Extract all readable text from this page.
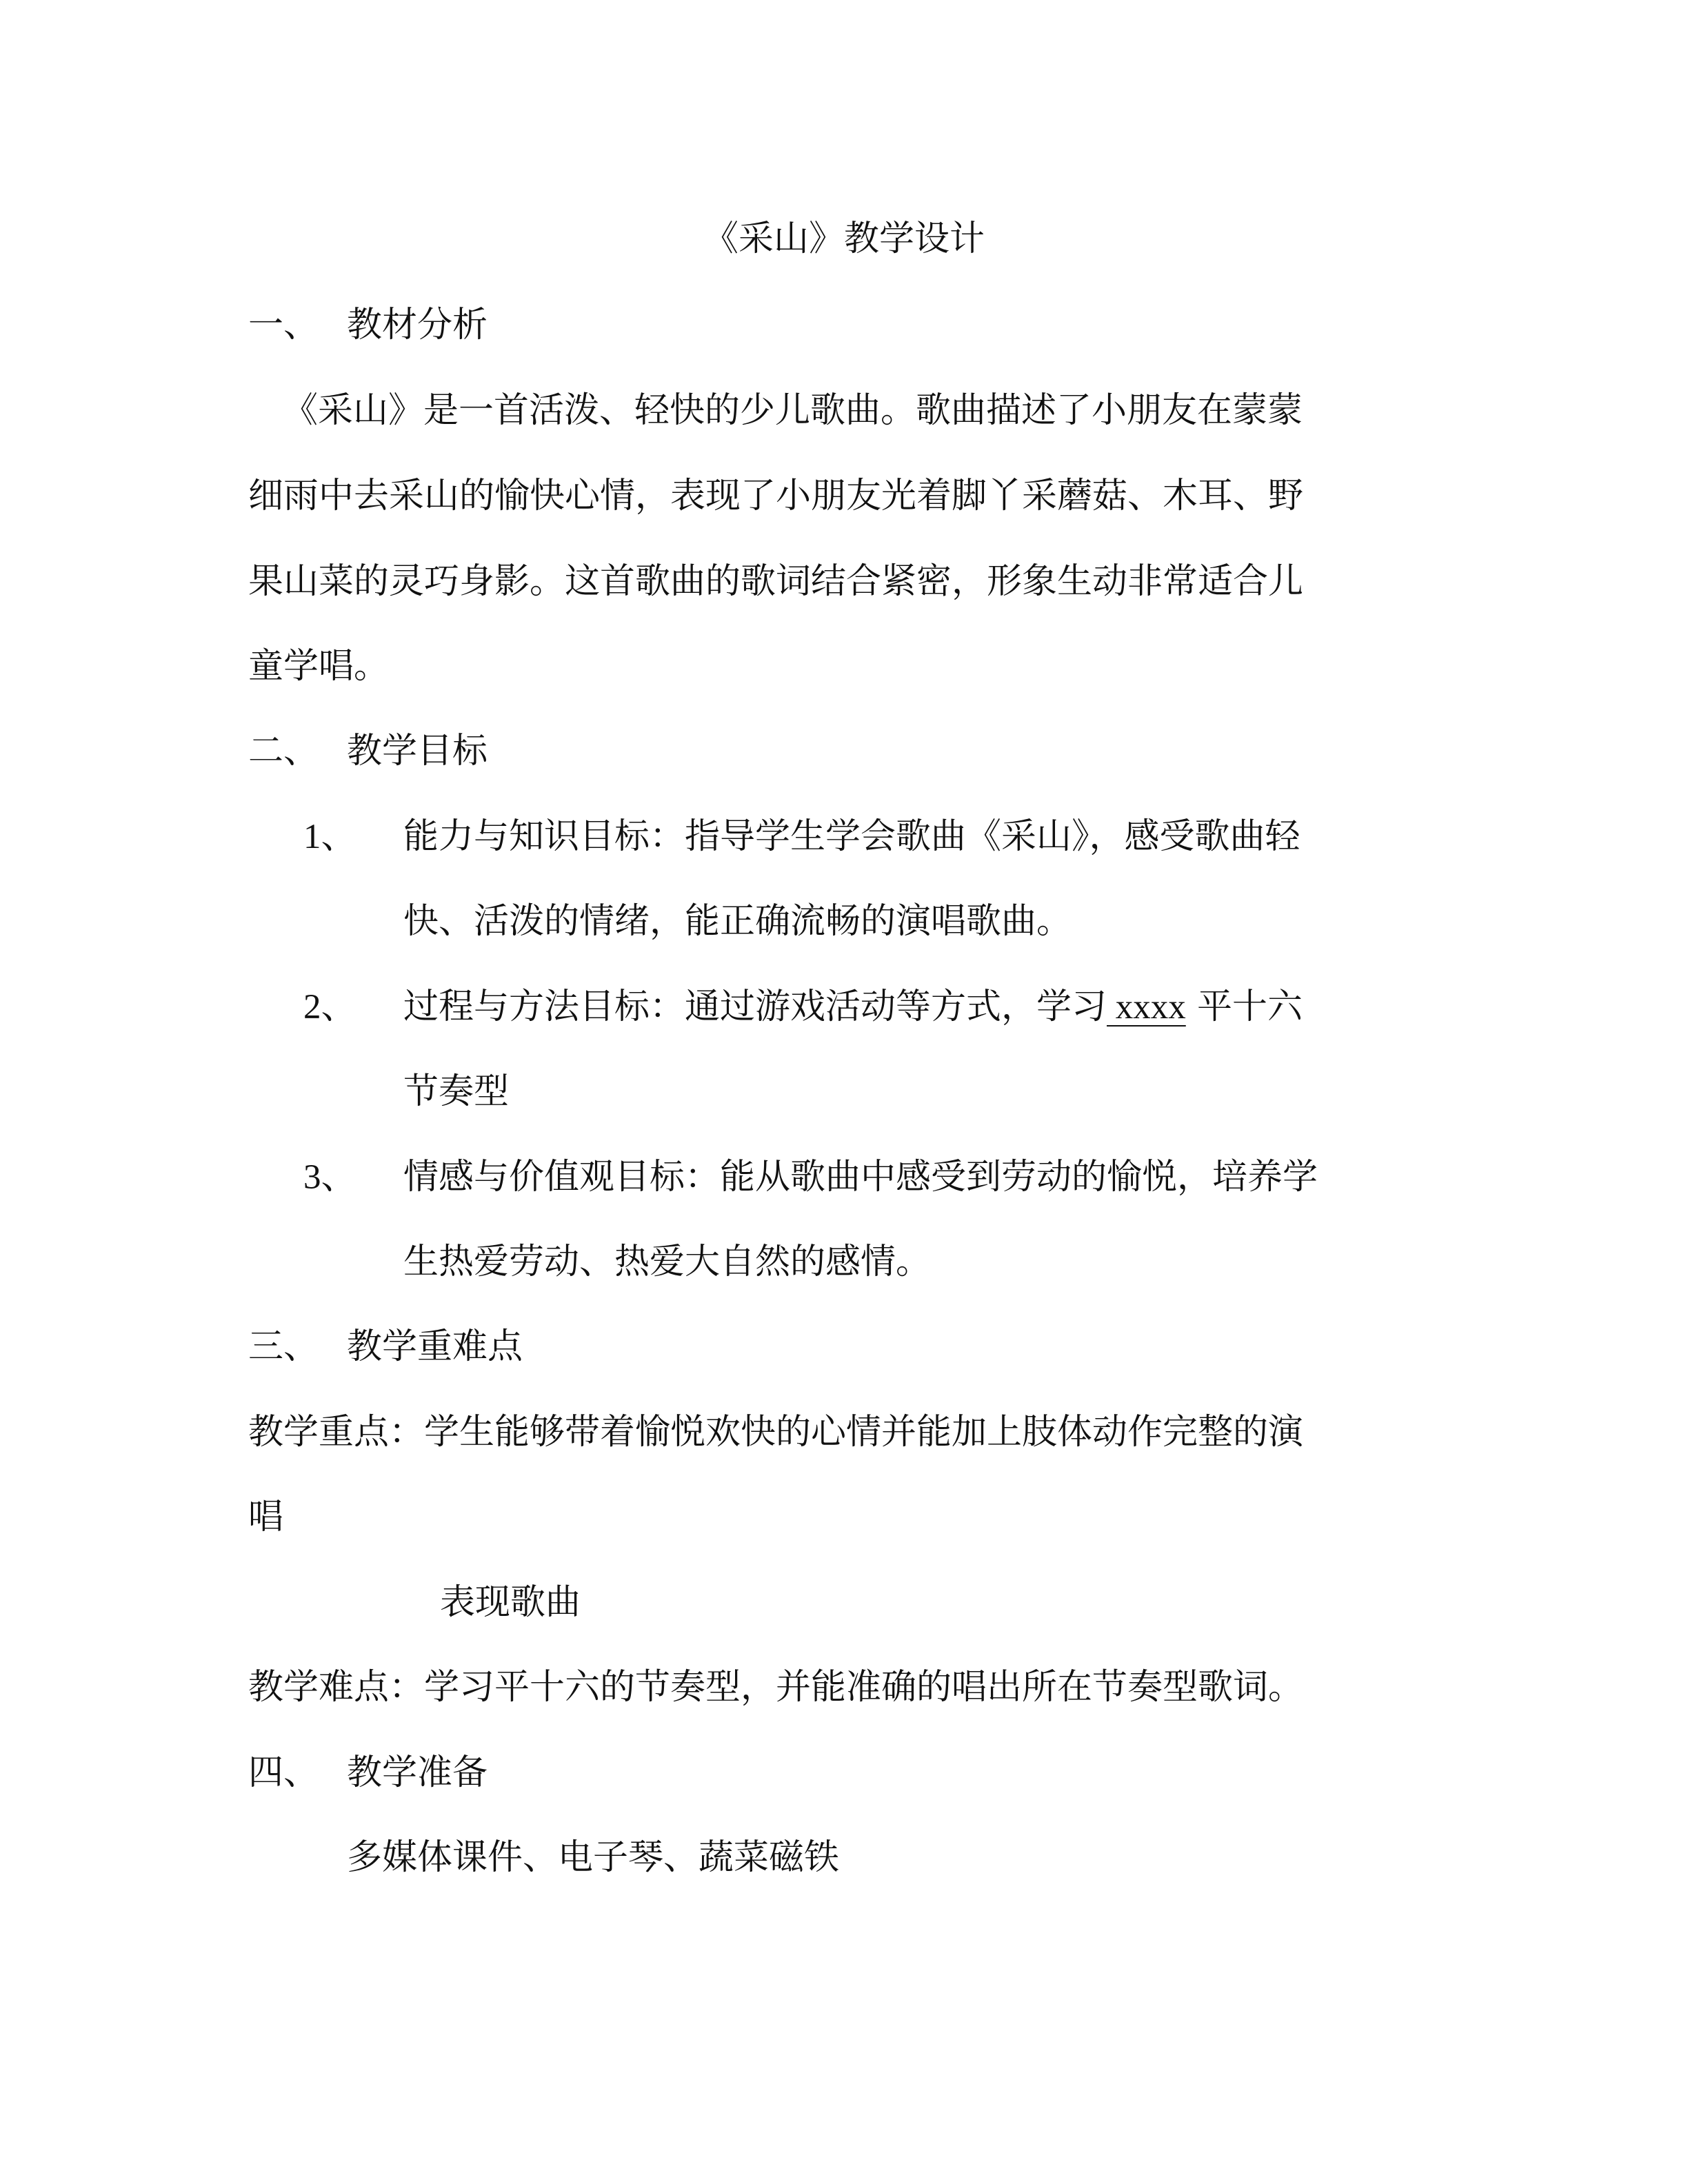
《采山》教学设计

一、 教材分析

《采山》是一首活泼、轻快的少儿歌曲。歌曲描述了小朋友在蒙蒙

细雨中去采山的愉快心情，表现了小朋友光着脚丫采蘑菇、木耳、野

果山菜的灵巧身影。这首歌曲的歌词结合紧密，形象生动非常适合儿

童学唱。

二、 教学目标

1、 能力与知识目标：指导学生学会歌曲《采山》，感受歌曲轻

快、活泼的情绪，能正确流畅的演唱歌曲。

2、 过程与方法目标：通过游戏活动等方式，学习 xxxx 平十六

节奏型

3、 情感与价值观目标：能从歌曲中感受到劳动的愉悦，培养学

生热爱劳动、热爱大自然的感情。

三、 教学重难点

教学重点：学生能够带着愉悦欢快的心情并能加上肢体动作完整的演

唱

表现歌曲

教学难点：学习平十六的节奏型，并能准确的唱出所在节奏型歌词。

四、 教学准备

多媒体课件、电子琴、蔬菜磁铁
